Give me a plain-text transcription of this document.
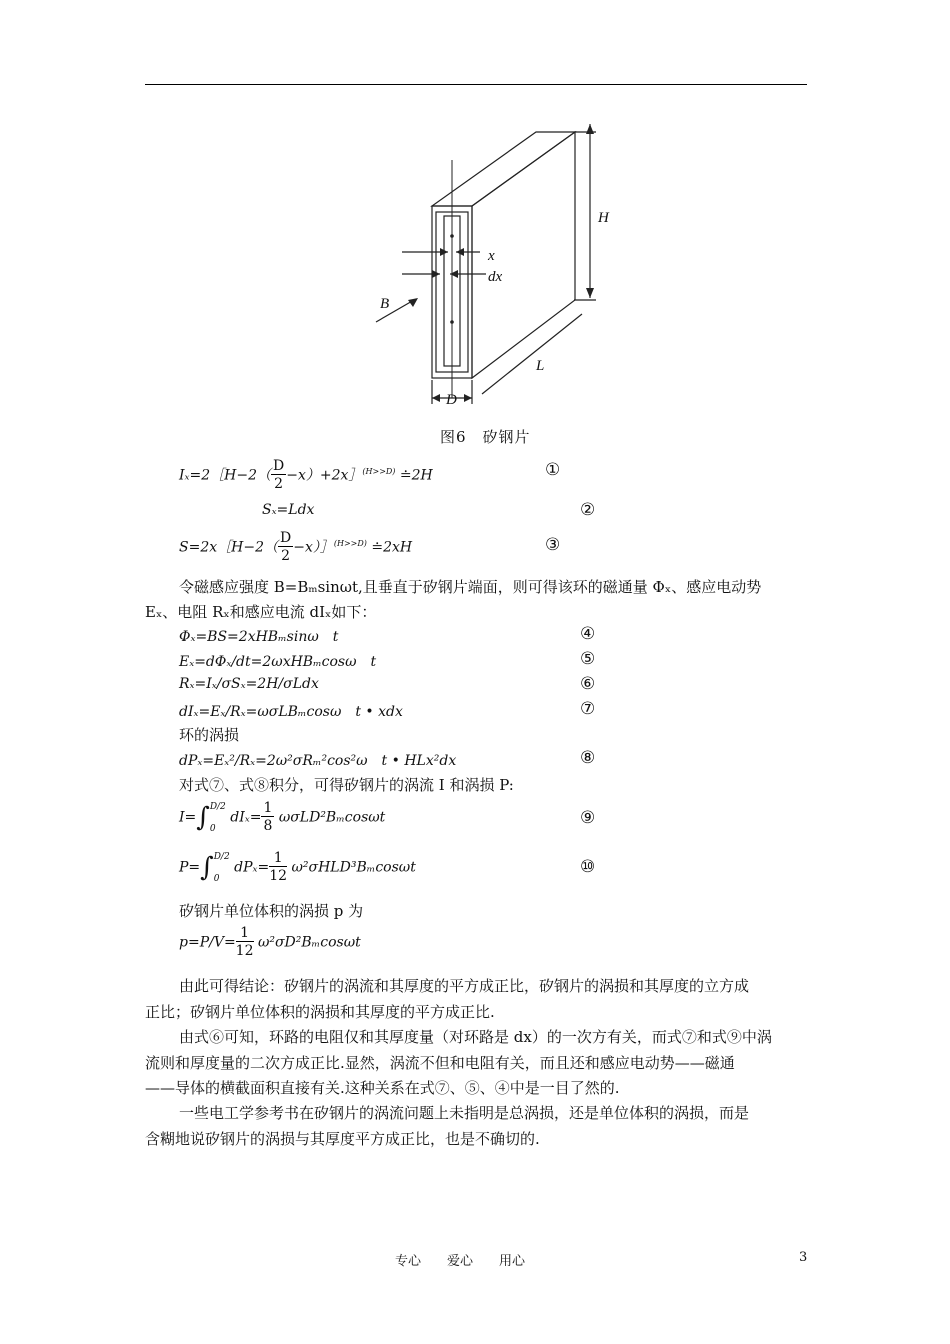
H
x
dx
B
L
D
图6　矽钢片
Iₓ=2［H−2（ $\frac{D}{2}$ −x）+2x］$^{(H>>D)}$ ≐2H	①
Sₓ=Ldx	②
S=2x［H−2（ $\frac{D}{2}$ −x）］$^{(H>>D)}$ ≐2xH	③
令磁感应强度 B=Bₘsinωt,且垂直于矽钢片端面，则可得该环的磁通量 Φₓ、感应电动势
Eₓ、电阻 Rₓ和感应电流 dIₓ如下：
Φₓ=BS=2xHBₘsinω　t	④
Eₓ=dΦₓ/dt=2ωxHBₘcosω　t	⑤
Rₓ=Iₓ/σSₓ=2H/σLdx	⑥
dIₓ=Eₓ/Rₓ=ωσLBₘcosω　t • xdx	⑦
环的涡损
dPₓ=Eₓ²/Rₓ=2ω²σRₘ²cos²ω　t • HLx²dx	⑧
对式⑦、式⑧积分，可得矽钢片的涡流 I 和涡损 P:
I=∫ D/2
0
$dI_x= \frac{1}{8} \omega\sigma LD^2B_m\cos\omega t$	⑨
P=∫ D/2
0
$dP_x= \frac{1}{12} \omega^2\sigma HLD^3B_m\cos\omega t$	⑩
矽钢片单位体积的涡损 p 为
$p=P/V= \frac{1}{12} \omega^2\sigma D^2B_m\cos\omega t$
由此可得结论：矽钢片的涡流和其厚度的平方成正比，矽钢片的涡损和其厚度的立方成
正比；矽钢片单位体积的涡损和其厚度的平方成正比.
由式⑥可知，环路的电阻仅和其厚度量（对环路是 dx）的一次方有关，而式⑦和式⑨中涡
流则和厚度量的二次方成正比.显然，涡流不但和电阻有关，而且还和感应电动势——磁通
——导体的横截面积直接有关.这种关系在式⑦、⑤、④中是一目了然的.
一些电工学参考书在矽钢片的涡流问题上未指明是总涡损，还是单位体积的涡损，而是
含糊地说矽钢片的涡损与其厚度平方成正比，也是不确切的.
专心　　爱心　　用心	3
